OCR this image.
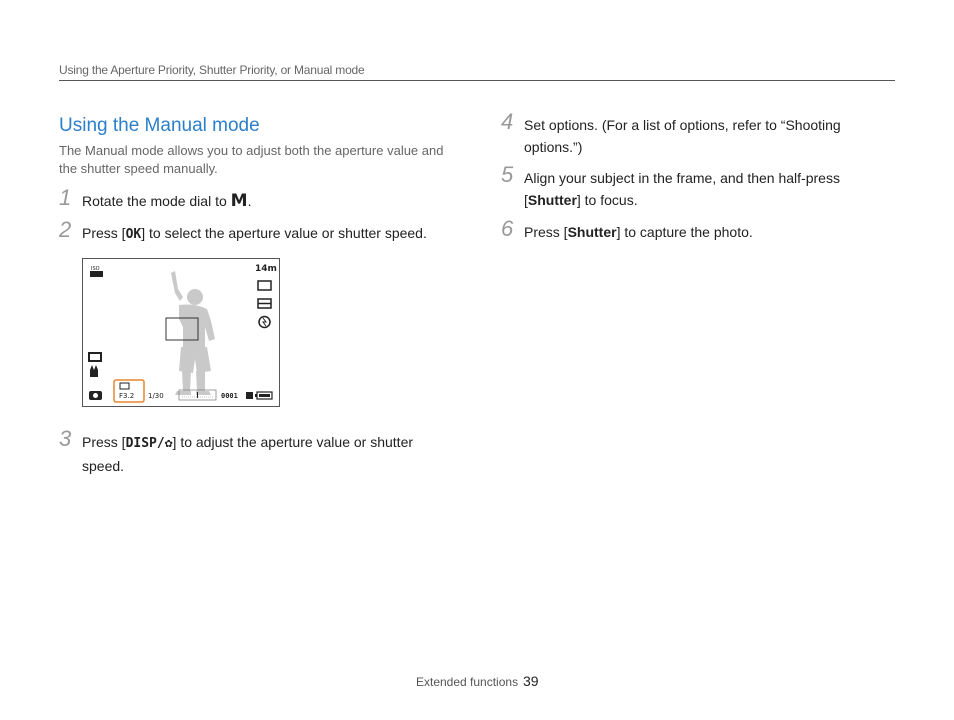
Using the Aperture Priority, Shutter Priority, or Manual mode
Using the Manual mode
The Manual mode allows you to adjust both the aperture value and the shutter speed manually.
1 Rotate the mode dial to M.
2 Press [OK] to select the aperture value or shutter speed.
ISO	14m
F3.2 1/30	0001
3 Press [DISP/✿] to adjust the aperture value or shutter speed.
4 Set options. (For a list of options, refer to “Shooting options.”)
5 Align your subject in the frame, and then half-press [Shutter] to focus.
6 Press [Shutter] to capture the photo.
Extended functions 39
